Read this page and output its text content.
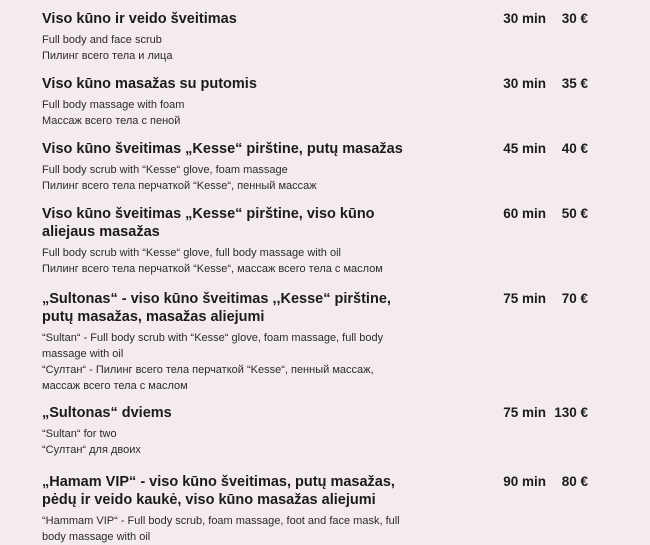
Viso kūno ir veido šveitimas
Full body and face scrub
Пилинг всего тела и лица
30 min	30 €
Viso kūno masažas su putomis
Full body massage with foam
Массаж всего тела с пеной
30 min	35 €
Viso kūno šveitimas „Kesse“ pirštine, putų masažas
Full body scrub with “Kesse“ glove, foam massage
Пилинг всего тела перчаткой “Kesse“, пенный массаж
45 min	40 €
Viso kūno šveitimas „Kesse“ pirštine, viso kūno aliejaus masažas
Full body scrub with “Kesse“ glove, full body massage with oil
Пилинг всего тела перчаткой “Kesse“, массаж всего тела с маслом
60 min	50 €
„Sultonas“ - viso kūno šveitimas ,,Kesse“ pirštine, putų masažas, masažas aliejumi
“Sultan“ - Full body scrub with “Kesse“ glove, foam massage, full body massage with oil
“Султан“ - Пилинг всего тела перчаткой “Kesse“, пенный массаж, массаж всего тела с маслом
75 min	70 €
„Sultonas“ dviems
“Sultan“ for two
“Султан“ для двоих
75 min 130 €
„Hamam VIP“ - viso kūno šveitimas, putų masažas, pėdų ir veido kaukė, viso kūno masažas aliejumi
“Hammam VIP“ - Full body scrub, foam massage, foot and face mask, full body massage with oil
90 min	80 €
